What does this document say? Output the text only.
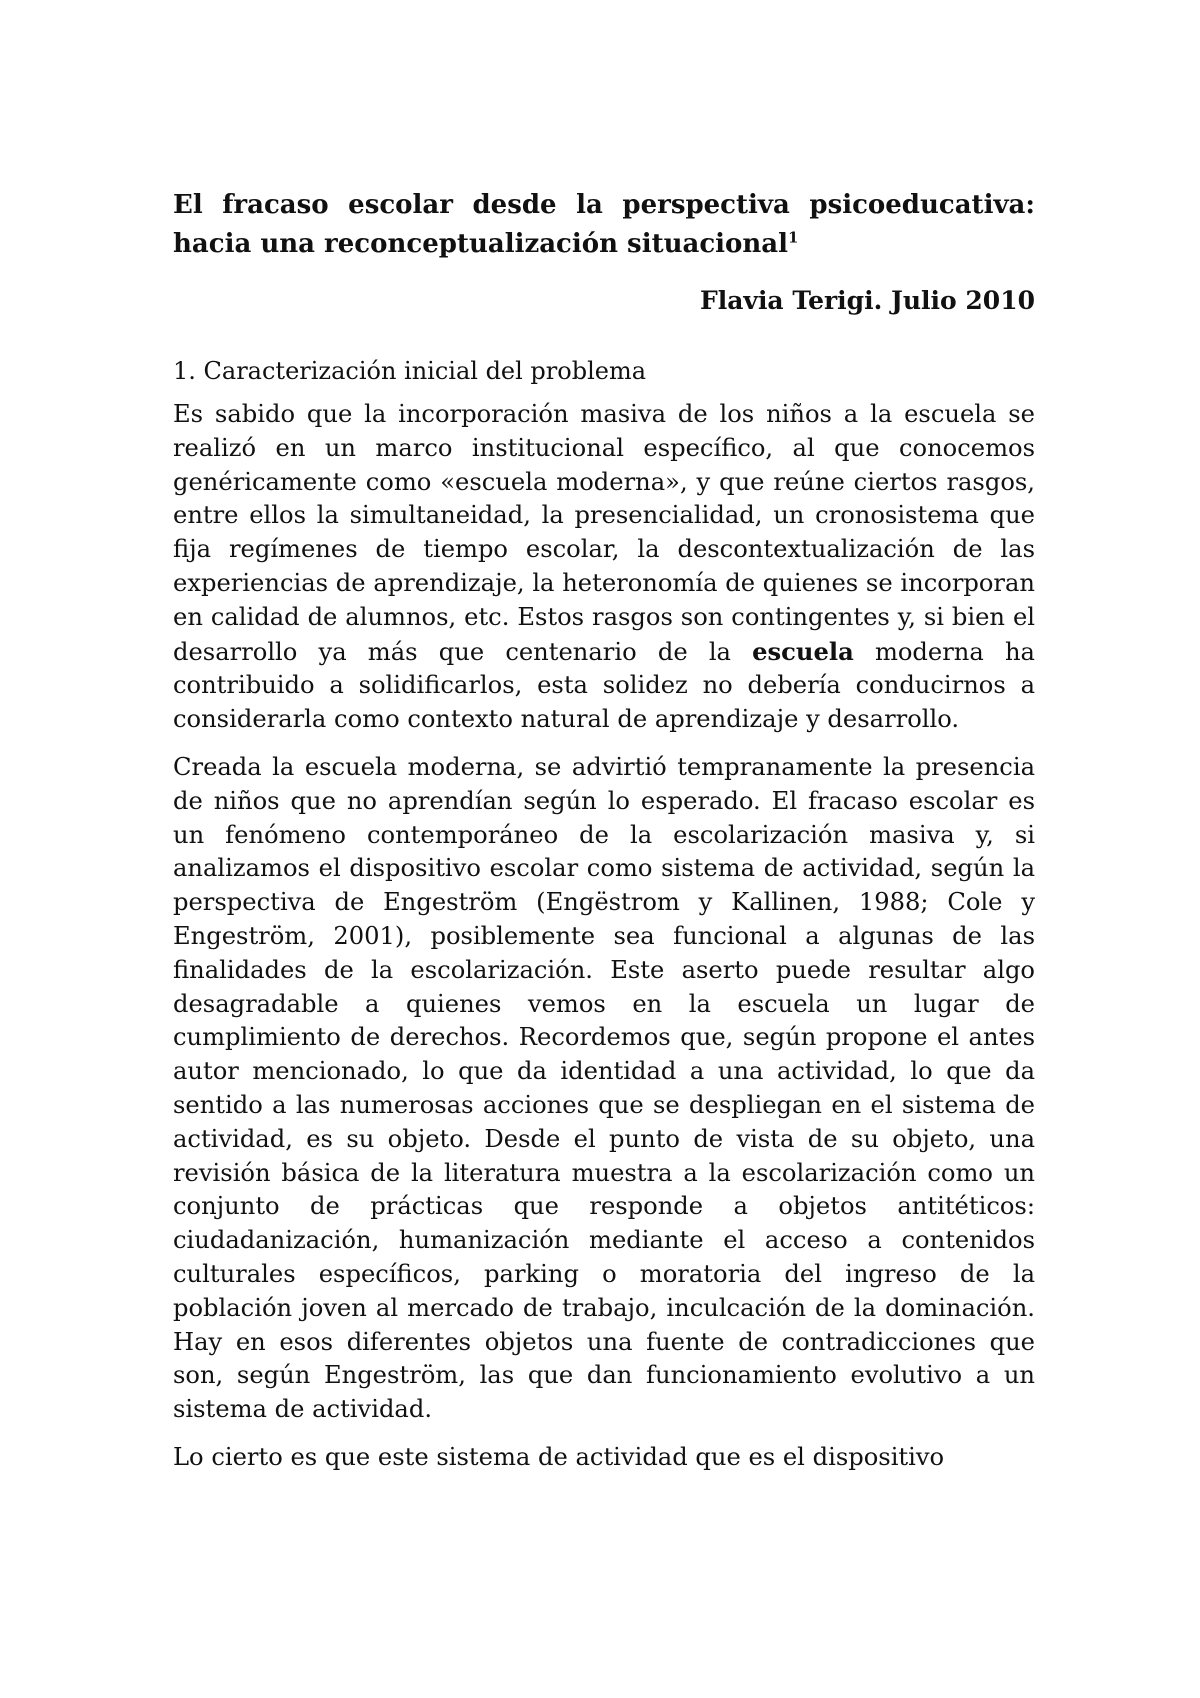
El fracaso escolar desde la perspectiva psicoeducativa: hacia una reconceptualización situacional$^1$

Flavia Terigi. Julio 2010

1. Caracterización inicial del problema

Es sabido que la incorporación masiva de los niños a la escuela se realizó en un marco institucional específico, al que conocemos genéricamente como «escuela moderna», y que reúne ciertos rasgos, entre ellos la simultaneidad, la presencialidad, un cronosistema que fija regímenes de tiempo escolar, la descontextualización de las experiencias de aprendizaje, la heteronomía de quienes se incorporan en calidad de alumnos, etc. Estos rasgos son contingentes y, si bien el desarrollo ya más que centenario de la escuela moderna ha contribuido a solidificarlos, esta solidez no debería conducirnos a considerarla como contexto natural de aprendizaje y desarrollo.

Creada la escuela moderna, se advirtió tempranamente la presencia de niños que no aprendían según lo esperado. El fracaso escolar es un fenómeno contemporáneo de la escolarización masiva y, si analizamos el dispositivo escolar como sistema de actividad, según la perspectiva de Engeström (Engëstrom y Kallinen, 1988; Cole y Engeström, 2001), posiblemente sea funcional a algunas de las finalidades de la escolarización. Este aserto puede resultar algo desagradable a quienes vemos en la escuela un lugar de cumplimiento de derechos. Recordemos que, según propone el antes autor mencionado, lo que da identidad a una actividad, lo que da sentido a las numerosas acciones que se despliegan en el sistema de actividad, es su objeto. Desde el punto de vista de su objeto, una revisión básica de la literatura muestra a la escolarización como un conjunto de prácticas que responde a objetos antitéticos: ciudadanización, humanización mediante el acceso a contenidos culturales específicos, parking o moratoria del ingreso de la población joven al mercado de trabajo, inculcación de la dominación. Hay en esos diferentes objetos una fuente de contradicciones que son, según Engeström, las que dan funcionamiento evolutivo a un sistema de actividad.

Lo cierto es que este sistema de actividad que es el dispositivo
